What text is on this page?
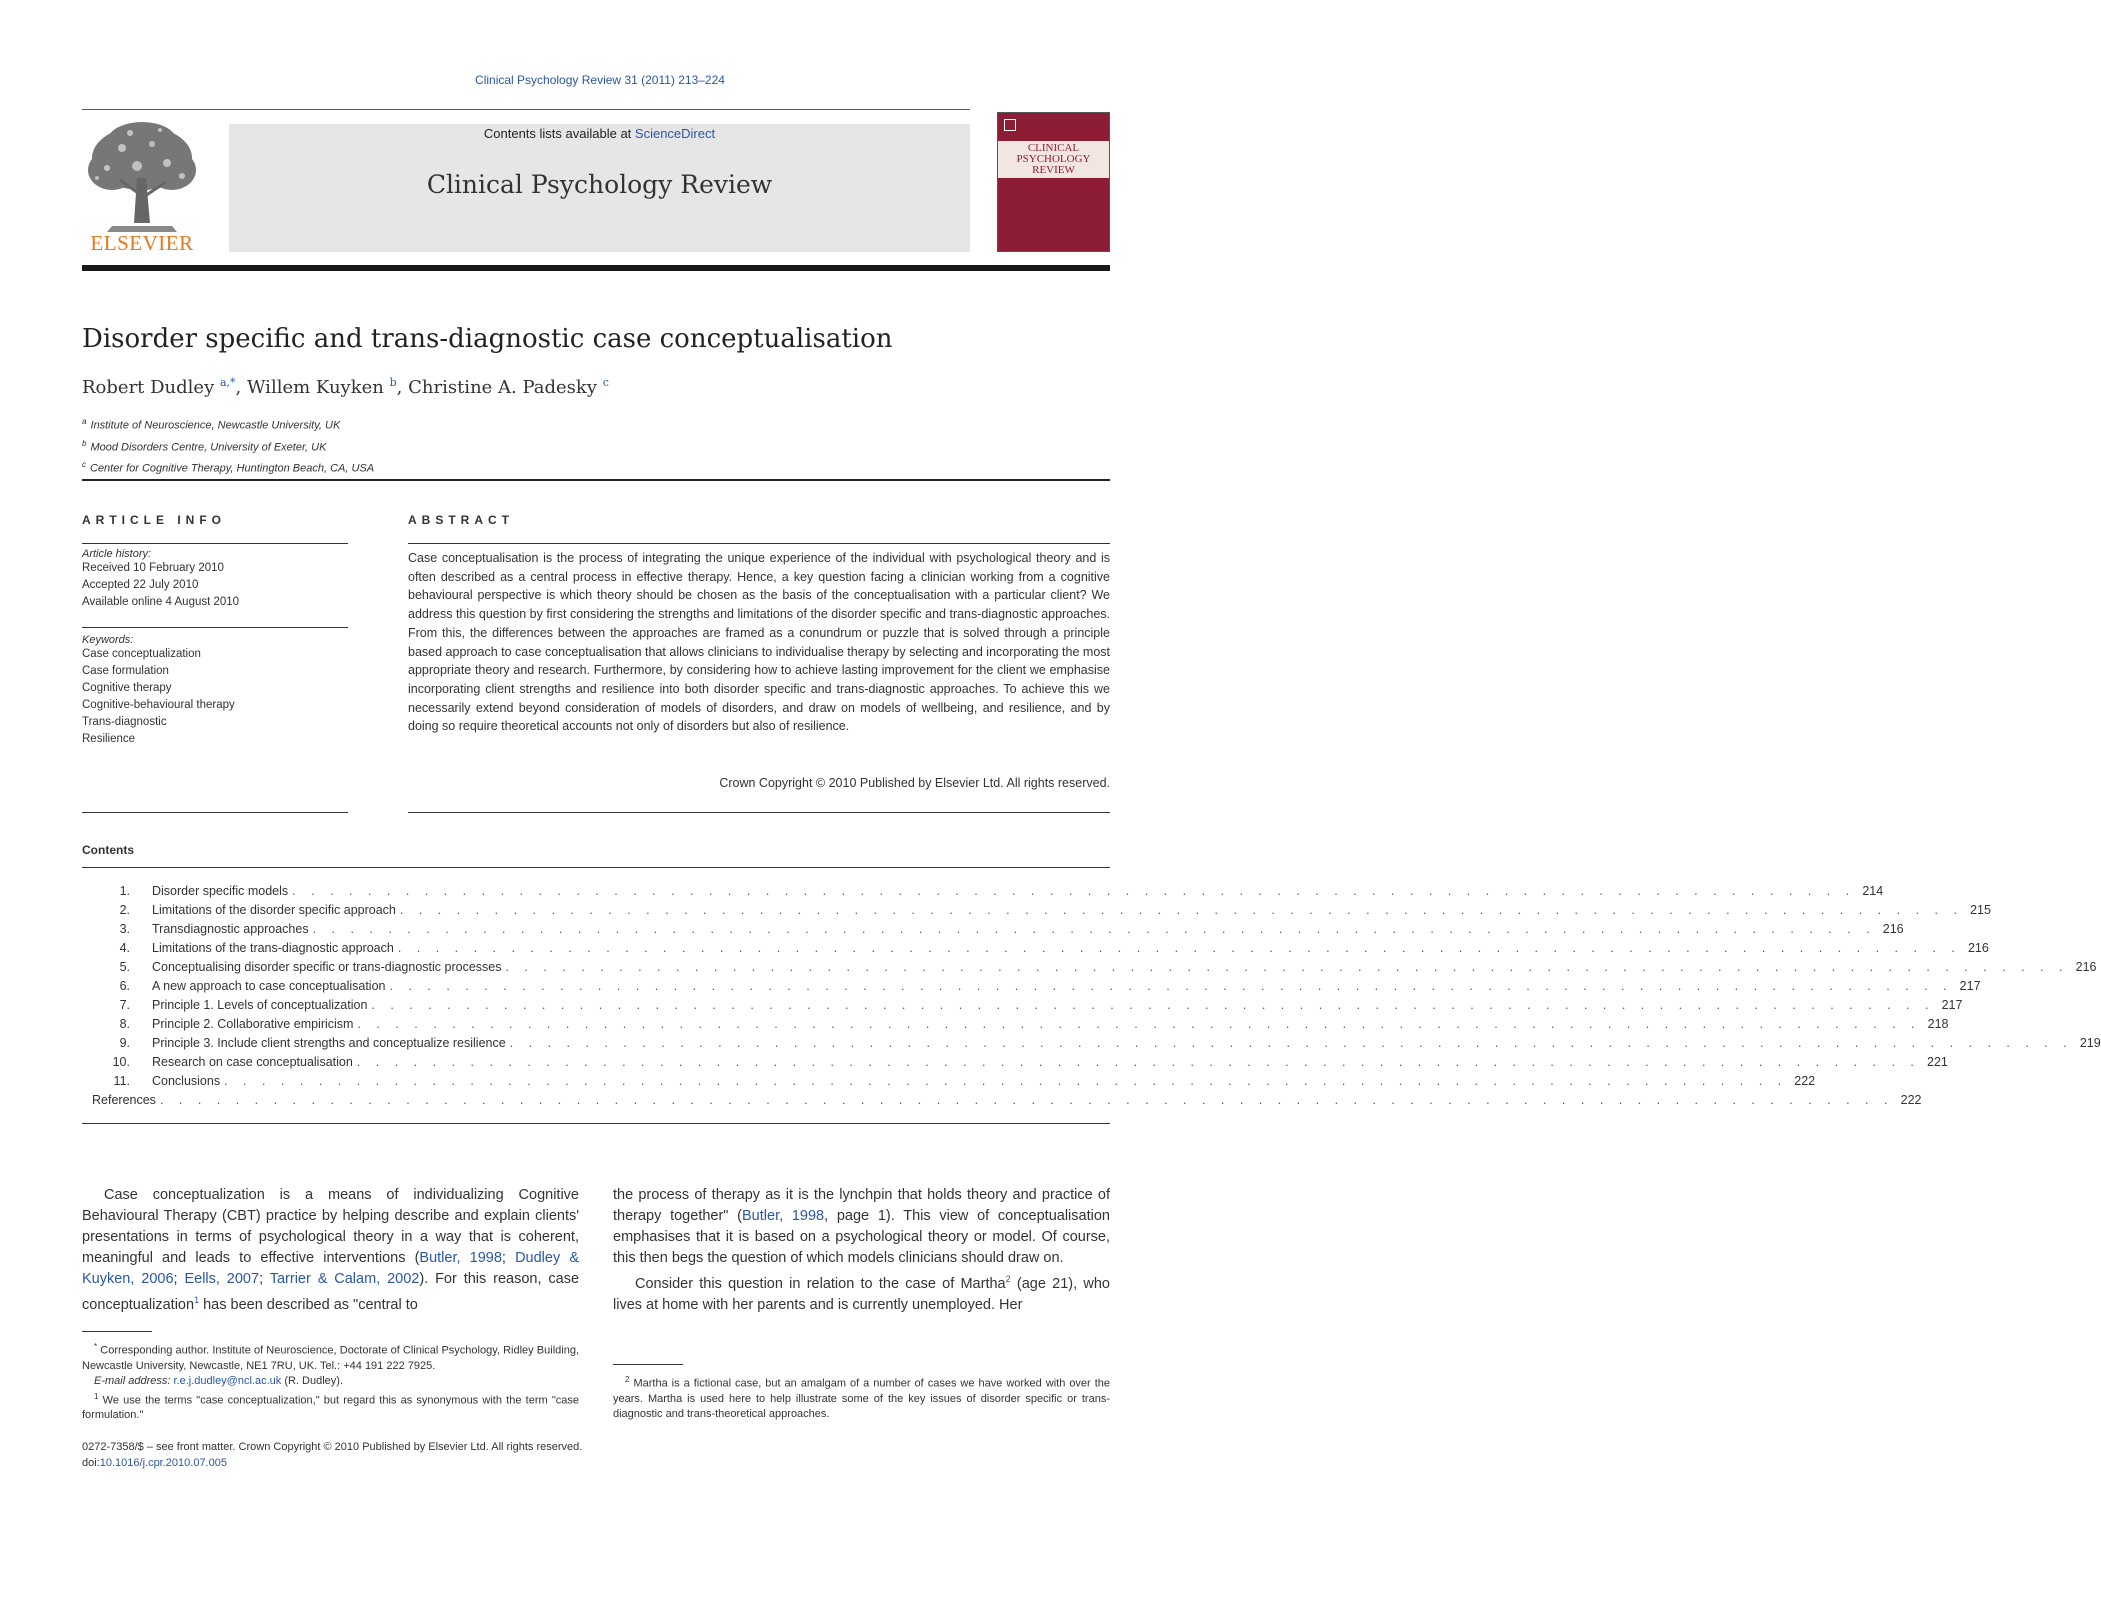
Clinical Psychology Review 31 (2011) 213–224
ELSEVIER
Contents lists available at ScienceDirect
Clinical Psychology Review
CLINICAL
PSYCHOLOGY
REVIEW
Disorder specific and trans-diagnostic case conceptualisation
Robert Dudley $^{a,*}$, Willem Kuyken $^b$, Christine A. Padesky $^c$
$^a$ Institute of Neuroscience, Newcastle University, UK
$^b$ Mood Disorders Centre, University of Exeter, UK
$^c$ Center for Cognitive Therapy, Huntington Beach, CA, USA
ARTICLE INFO
Article history:
Received 10 February 2010
Accepted 22 July 2010
Available online 4 August 2010
Keywords:
Case conceptualization
Case formulation
Cognitive therapy
Cognitive-behavioural therapy
Trans-diagnostic
Resilience
ABSTRACT
Case conceptualisation is the process of integrating the unique experience of the individual with psychological theory and is often described as a central process in effective therapy. Hence, a key question facing a clinician working from a cognitive behavioural perspective is which theory should be chosen as the basis of the conceptualisation with a particular client? We address this question by first considering the strengths and limitations of the disorder specific and trans-diagnostic approaches. From this, the differences between the approaches are framed as a conundrum or puzzle that is solved through a principle based approach to case conceptualisation that allows clinicians to individualise therapy by selecting and incorporating the most appropriate theory and research. Furthermore, by considering how to achieve lasting improvement for the client we emphasise incorporating client strengths and resilience into both disorder specific and trans-diagnostic approaches. To achieve this we necessarily extend beyond consideration of models of disorders, and draw on models of wellbeing, and resilience, and by doing so require theoretical accounts not only of disorders but also of resilience.
Crown Copyright © 2010 Published by Elsevier Ltd. All rights reserved.
Contents
1.	Disorder specific models . . . . . . . . . . . . . . . . . . . . . . . . . . . . . . . . . . . . . . . . . . . . . . . . . . . . . . . . . . . . . . . . . . . . . . . . . . . . . . . . . . . 214
2.	Limitations of the disorder specific approach . . . . . . . . . . . . . . . . . . . . . . . . . . . . . . . . . . . . . . . . . . . . . . . . . . . . . . . . . . . . . . . . . . . . . . . . . . . . . . . . . . . 215
3.	Transdiagnostic approaches . . . . . . . . . . . . . . . . . . . . . . . . . . . . . . . . . . . . . . . . . . . . . . . . . . . . . . . . . . . . . . . . . . . . . . . . . . . . . . . . . . . 216
4.	Limitations of the trans-diagnostic approach . . . . . . . . . . . . . . . . . . . . . . . . . . . . . . . . . . . . . . . . . . . . . . . . . . . . . . . . . . . . . . . . . . . . . . . . . . . . . . . . . . . 216
5.	Conceptualising disorder specific or trans-diagnostic processes . . . . . . . . . . . . . . . . . . . . . . . . . . . . . . . . . . . . . . . . . . . . . . . . . . . . . . . . . . . . . . . . . . . . . . . . . . . . . . . . . . . 216
6.	A new approach to case conceptualisation . . . . . . . . . . . . . . . . . . . . . . . . . . . . . . . . . . . . . . . . . . . . . . . . . . . . . . . . . . . . . . . . . . . . . . . . . . . . . . . . . . . 217
7.	Principle 1. Levels of conceptualization . . . . . . . . . . . . . . . . . . . . . . . . . . . . . . . . . . . . . . . . . . . . . . . . . . . . . . . . . . . . . . . . . . . . . . . . . . . . . . . . . . . 217
8.	Principle 2. Collaborative empiricism . . . . . . . . . . . . . . . . . . . . . . . . . . . . . . . . . . . . . . . . . . . . . . . . . . . . . . . . . . . . . . . . . . . . . . . . . . . . . . . . . . . 218
9.	Principle 3. Include client strengths and conceptualize resilience . . . . . . . . . . . . . . . . . . . . . . . . . . . . . . . . . . . . . . . . . . . . . . . . . . . . . . . . . . . . . . . . . . . . . . . . . . . . . . . . . . . 219
10.	Research on case conceptualisation . . . . . . . . . . . . . . . . . . . . . . . . . . . . . . . . . . . . . . . . . . . . . . . . . . . . . . . . . . . . . . . . . . . . . . . . . . . . . . . . . . . 221
11.	Conclusions . . . . . . . . . . . . . . . . . . . . . . . . . . . . . . . . . . . . . . . . . . . . . . . . . . . . . . . . . . . . . . . . . . . . . . . . . . . . . . . . . . . 222
References . . . . . . . . . . . . . . . . . . . . . . . . . . . . . . . . . . . . . . . . . . . . . . . . . . . . . . . . . . . . . . . . . . . . . . . . . . . . . . . . . . . . . . . . . . . . 222

Case conceptualization is a means of individualizing Cognitive Behavioural Therapy (CBT) practice by helping describe and explain clients' presentations in terms of psychological theory in a way that is coherent, meaningful and leads to effective interventions (Butler, 1998; Dudley & Kuyken, 2006; Eells, 2007; Tarrier & Calam, 2002). For this reason, case conceptualization$^1$ has been described as "central to

the process of therapy as it is the lynchpin that holds theory and practice of therapy together" (Butler, 1998, page 1). This view of conceptualisation emphasises that it is based on a psychological theory or model. Of course, this then begs the question of which models clinicians should draw on.

Consider this question in relation to the case of Martha$^2$ (age 21), who lives at home with her parents and is currently unemployed. Her

* Corresponding author. Institute of Neuroscience, Doctorate of Clinical Psychology, Ridley Building, Newcastle University, Newcastle, NE1 7RU, UK. Tel.: +44 191 222 7925.
E-mail address: r.e.j.dudley@ncl.ac.uk (R. Dudley).
$^1$ We use the terms "case conceptualization," but regard this as synonymous with the term "case formulation."
$^2$ Martha is a fictional case, but an amalgam of a number of cases we have worked with over the years. Martha is used here to help illustrate some of the key issues of disorder specific or trans-diagnostic and trans-theoretical approaches.
0272-7358/$ – see front matter. Crown Copyright © 2010 Published by Elsevier Ltd. All rights reserved.
doi:10.1016/j.cpr.2010.07.005
